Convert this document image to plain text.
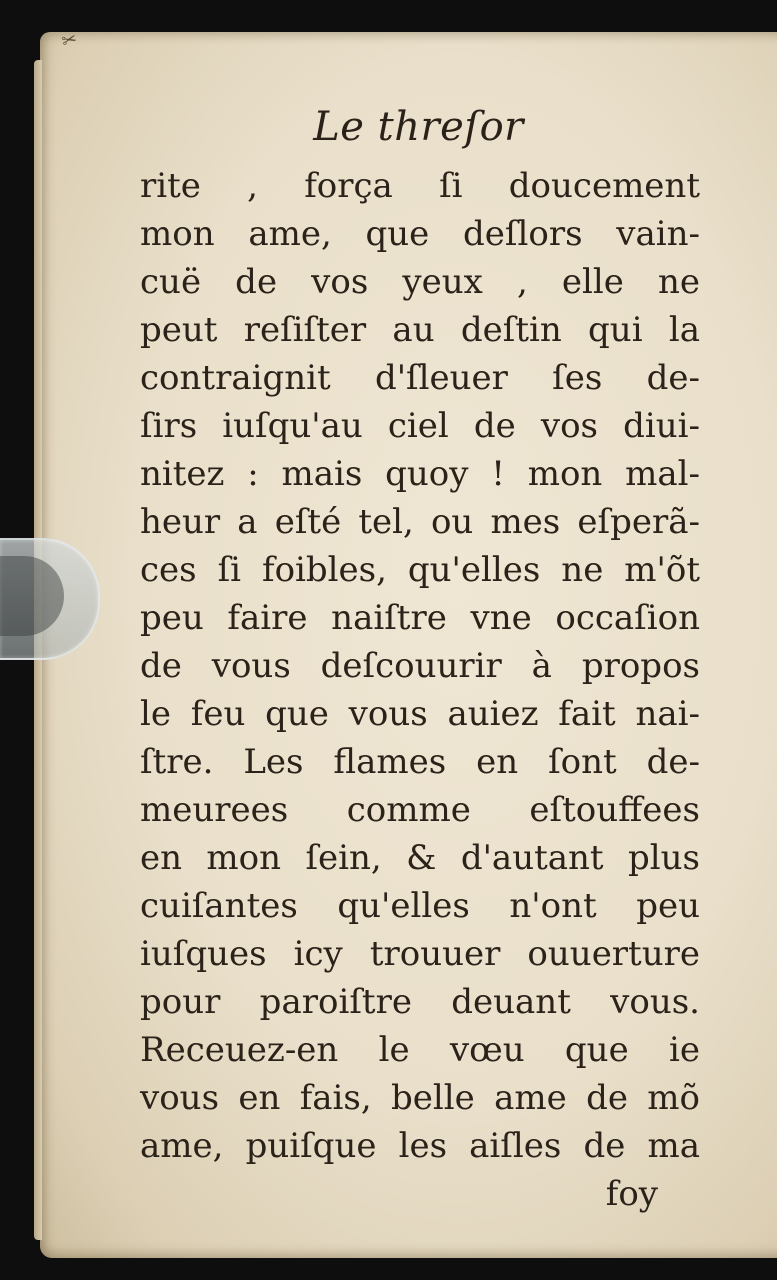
✂
Le threſor
rite , força ſi doucement
mon ame, que deſlors vain-
cuë de vos yeux , elle ne
peut reſiſter au deſtin qui la
contraignit d'ſleuer ſes de-
ſirs iuſqu'au ciel de vos diui-
nitez : mais quoy ! mon mal-
heur a eſté tel, ou mes eſperã-
ces ſi foibles, qu'elles ne m'õt
peu faire naiſtre vne occaſion
de vous deſcouurir à propos
le feu que vous auiez fait nai-
ſtre. Les flames en ſont de-
meurees comme eſtouffees
en mon ſein, & d'autant plus
cuiſantes qu'elles n'ont peu
iuſques icy trouuer ouuerture
pour paroiſtre deuant vous.
Receuez-en le vœu que ie
vous en fais, belle ame de mõ
ame, puiſque les aiſles de ma
foy
